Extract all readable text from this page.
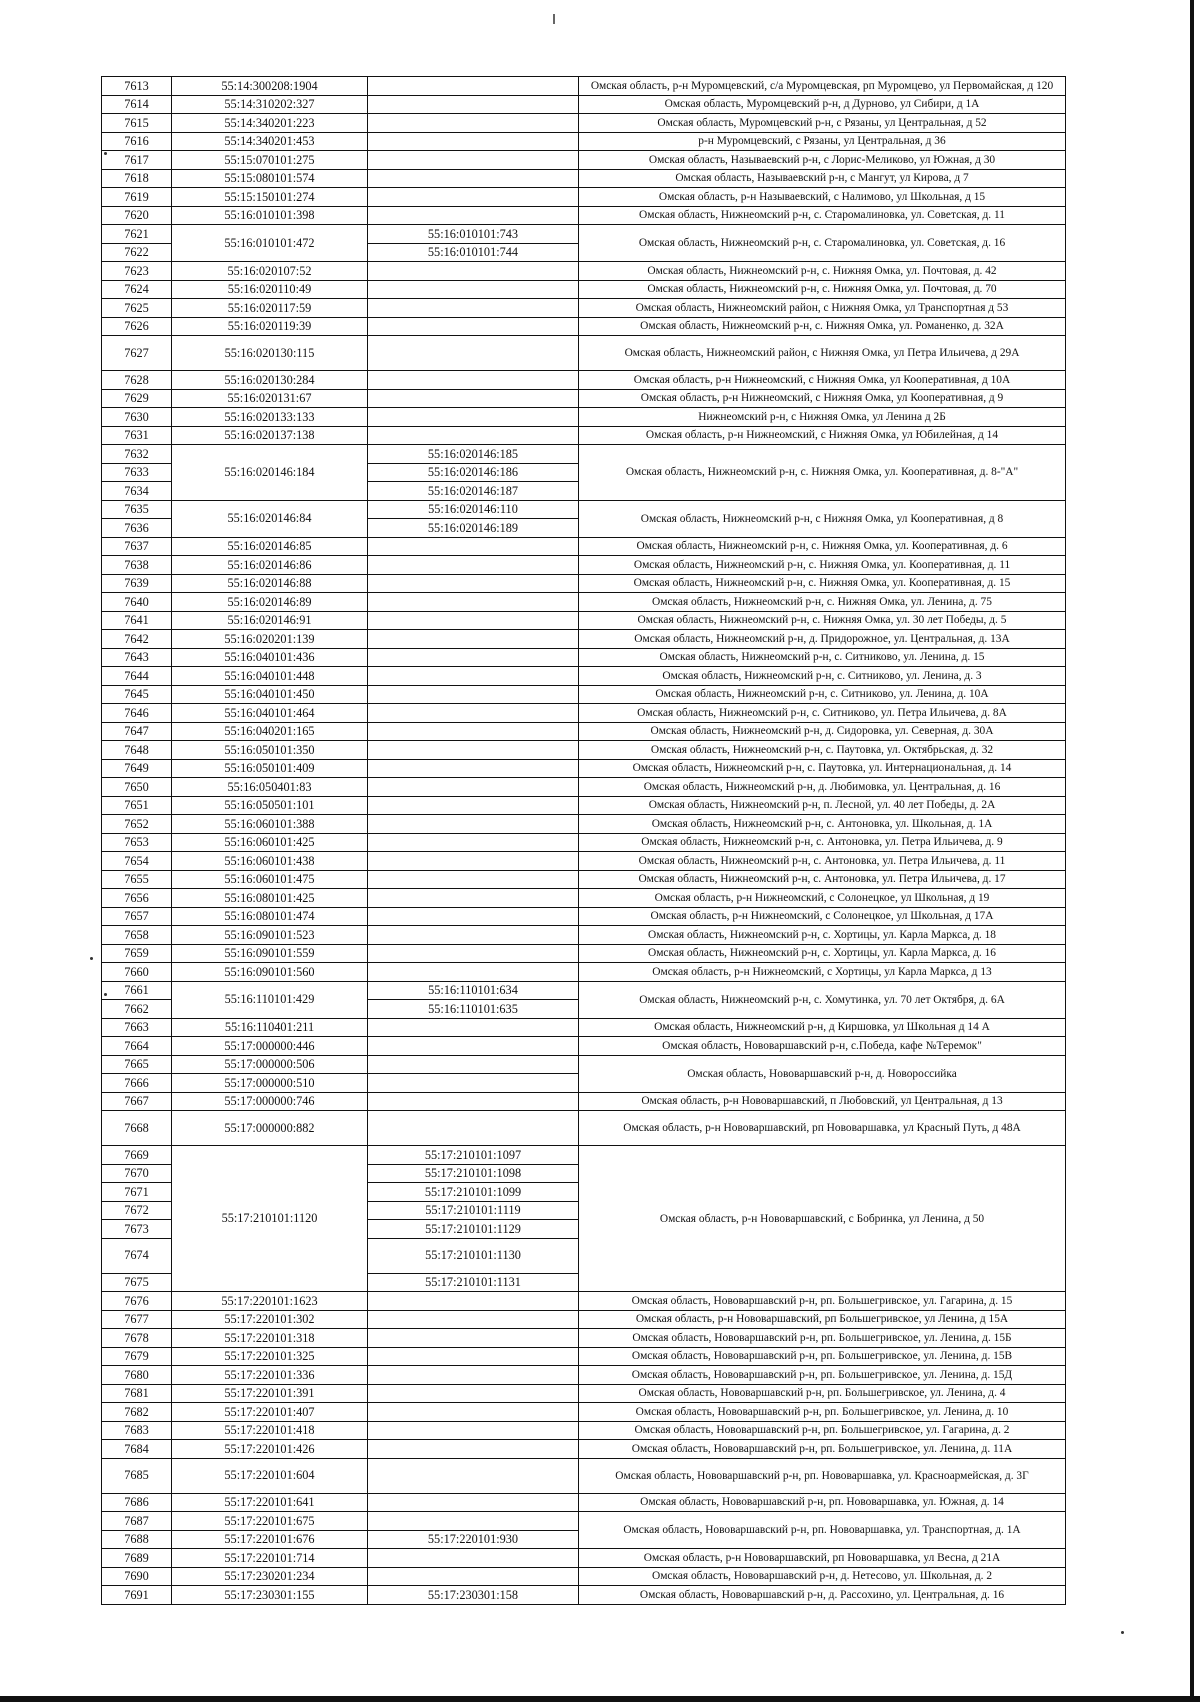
7613	55:14:300208:1904		Омская область, р-н Муромцевский, с/а Муромцевская, рп Муромцево, ул Первомайская, д 120
7614	55:14:310202:327		Омская область, Муромцевский р-н, д Дурново, ул Сибири, д 1А
7615	55:14:340201:223		Омская область, Муромцевский р-н, с Рязаны, ул Центральная, д 52
7616	55:14:340201:453		р-н Муромцевский, с Рязаны, ул Центральная, д 36
7617	55:15:070101:275		Омская область, Называевский р-н, с Лорис-Меликово, ул Южная, д 30
7618	55:15:080101:574		Омская область, Называевский р-н, с Мангут, ул Кирова, д 7
7619	55:15:150101:274		Омская область, р-н Называевский, с Налимово, ул Школьная, д 15
7620	55:16:010101:398		Омская область, Нижнеомский р-н, с. Старомалиновка, ул. Советская, д. 11
7621	55:16:010101:472	55:16:010101:743	Омская область, Нижнеомский р-н, с. Старомалиновка, ул. Советская, д. 16
7622		55:16:010101:744	
7623	55:16:020107:52		Омская область, Нижнеомский р-н, с. Нижняя Омка, ул. Почтовая, д. 42
7624	55:16:020110:49		Омская область, Нижнеомский р-н, с. Нижняя Омка, ул. Почтовая, д. 70
7625	55:16:020117:59		Омская область, Нижнеомский район, с Нижняя Омка, ул Транспортная д 53
7626	55:16:020119:39		Омская область, Нижнеомский р-н, с. Нижняя Омка, ул. Романенко, д. 32А
7627	55:16:020130:115		Омская область, Нижнеомский район, с Нижняя Омка, ул Петра Ильичева, д 29А
7628	55:16:020130:284		Омская область, р-н Нижнеомский, с Нижняя Омка, ул Кооперативная, д 10А
7629	55:16:020131:67		Омская область, р-н Нижнеомский, с Нижняя Омка, ул Кооперативная, д 9
7630	55:16:020133:133		Нижнеомский р-н, с Нижняя Омка, ул Ленина д 2Б
7631	55:16:020137:138		Омская область, р-н Нижнеомский, с Нижняя Омка, ул Юбилейная, д 14
7632	55:16:020146:184	55:16:020146:185	Омская область, Нижнеомский р-н, с. Нижняя Омка, ул. Кооперативная, д. 8-"А"
7633		55:16:020146:186	
7634		55:16:020146:187	
7635	55:16:020146:84	55:16:020146:110	Омская область, Нижнеомский р-н, с Нижняя Омка, ул Кооперативная, д 8
7636		55:16:020146:189	
7637	55:16:020146:85		Омская область, Нижнеомский р-н, с. Нижняя Омка, ул. Кооперативная, д. 6
7638	55:16:020146:86		Омская область, Нижнеомский р-н, с. Нижняя Омка, ул. Кооперативная, д. 11
7639	55:16:020146:88		Омская область, Нижнеомский р-н, с. Нижняя Омка, ул. Кооперативная, д. 15
7640	55:16:020146:89		Омская область, Нижнеомский р-н, с. Нижняя Омка, ул. Ленина, д. 75
7641	55:16:020146:91		Омская область, Нижнеомский р-н, с. Нижняя Омка, ул. 30 лет Победы, д. 5
7642	55:16:020201:139		Омская область, Нижнеомский р-н, д. Придорожное, ул. Центральная, д. 13А
7643	55:16:040101:436		Омская область, Нижнеомский р-н, с. Ситниково, ул. Ленина, д. 15
7644	55:16:040101:448		Омская область, Нижнеомский р-н, с. Ситниково, ул. Ленина, д. 3
7645	55:16:040101:450		Омская область, Нижнеомский р-н, с. Ситниково, ул. Ленина, д. 10А
7646	55:16:040101:464		Омская область, Нижнеомский р-н, с. Ситниково, ул. Петра Ильичева, д. 8А
7647	55:16:040201:165		Омская область, Нижнеомский р-н, д. Сидоровка, ул. Северная, д. 30А
7648	55:16:050101:350		Омская область, Нижнеомский р-н, с. Паутовка, ул. Октябрьская, д. 32
7649	55:16:050101:409		Омская область, Нижнеомский р-н, с. Паутовка, ул. Интернациональная, д. 14
7650	55:16:050401:83		Омская область, Нижнеомский р-н, д. Любимовка, ул. Центральная, д. 16
7651	55:16:050501:101		Омская область, Нижнеомский р-н, п. Лесной, ул. 40 лет Победы, д. 2А
7652	55:16:060101:388		Омская область, Нижнеомский р-н, с. Антоновка, ул. Школьная, д. 1А
7653	55:16:060101:425		Омская область, Нижнеомский р-н, с. Антоновка, ул. Петра Ильичева, д. 9
7654	55:16:060101:438		Омская область, Нижнеомский р-н, с. Антоновка, ул. Петра Ильичева, д. 11
7655	55:16:060101:475		Омская область, Нижнеомский р-н, с. Антоновка, ул. Петра Ильичева, д. 17
7656	55:16:080101:425		Омская область, р-н Нижнеомский, с Солонецкое, ул Школьная, д 19
7657	55:16:080101:474		Омская область, р-н Нижнеомский, с Солонецкое, ул Школьная, д 17А
7658	55:16:090101:523		Омская область, Нижнеомский р-н, с. Хортицы, ул. Карла Маркса, д. 18
7659	55:16:090101:559		Омская область, Нижнеомский р-н, с. Хортицы, ул. Карла Маркса, д. 16
7660	55:16:090101:560		Омская область, р-н Нижнеомский, с Хортицы, ул Карла Маркса, д 13
7661	55:16:110101:429	55:16:110101:634	Омская область, Нижнеомский р-н, с. Хомутинка, ул. 70 лет Октября, д. 6А
7662		55:16:110101:635	
7663	55:16:110401:211		Омская область, Нижнеомский р-н, д Киршовка, ул Школьная д 14 А
7664	55:17:000000:446		Омская область, Нововаршавский р-н, с.Победа, кафе №Теремок"
7665	55:17:000000:506		Омская область, Нововаршавский р-н, д. Новороссийка
7666	55:17:000000:510		
7667	55:17:000000:746		Омская область, р-н Нововаршавский, п Любовский, ул Центральная, д 13
7668	55:17:000000:882		Омская область, р-н Нововаршавский, рп Нововаршавка, ул Красный Путь, д 48А
7669	55:17:210101:1120	55:17:210101:1097	Омская область, р-н Нововаршавский, с Бобринка, ул Ленина, д 50
7670		55:17:210101:1098	
7671		55:17:210101:1099	
7672		55:17:210101:1119	
7673		55:17:210101:1129	
7674		55:17:210101:1130	
7675		55:17:210101:1131	
7676	55:17:220101:1623		Омская область, Нововаршавский р-н, рп. Большегривское, ул. Гагарина, д. 15
7677	55:17:220101:302		Омская область, р-н Нововаршавский, рп Большегривское, ул Ленина, д 15А
7678	55:17:220101:318		Омская область, Нововаршавский р-н, рп. Большегривское, ул. Ленина, д. 15Б
7679	55:17:220101:325		Омская область, Нововаршавский р-н, рп. Большегривское, ул. Ленина, д. 15В
7680	55:17:220101:336		Омская область, Нововаршавский р-н, рп. Большегривское, ул. Ленина, д. 15Д
7681	55:17:220101:391		Омская область, Нововаршавский р-н, рп. Большегривское, ул. Ленина, д. 4
7682	55:17:220101:407		Омская область, Нововаршавский р-н, рп. Большегривское, ул. Ленина, д. 10
7683	55:17:220101:418		Омская область, Нововаршавский р-н, рп. Большегривское, ул. Гагарина, д. 2
7684	55:17:220101:426		Омская область, Нововаршавский р-н, рп. Большегривское, ул. Ленина, д. 11А
7685	55:17:220101:604		Омская область, Нововаршавский р-н, рп. Нововаршавка, ул. Красноармейская, д. 3Г
7686	55:17:220101:641		Омская область, Нововаршавский р-н, рп. Нововаршавка, ул. Южная, д. 14
7687	55:17:220101:675		Омская область, Нововаршавский р-н, рп. Нововаршавка, ул. Транспортная, д. 1А
7688	55:17:220101:676	55:17:220101:930	
7689	55:17:220101:714		Омская область, р-н Нововаршавский, рп Нововаршавка, ул Весна, д 21А
7690	55:17:230201:234		Омская область, Нововаршавский р-н, д. Нетесово, ул. Школьная, д. 2
7691	55:17:230301:155	55:17:230301:158	Омская область, Нововаршавский р-н, д. Рассохино, ул. Центральная, д. 16
